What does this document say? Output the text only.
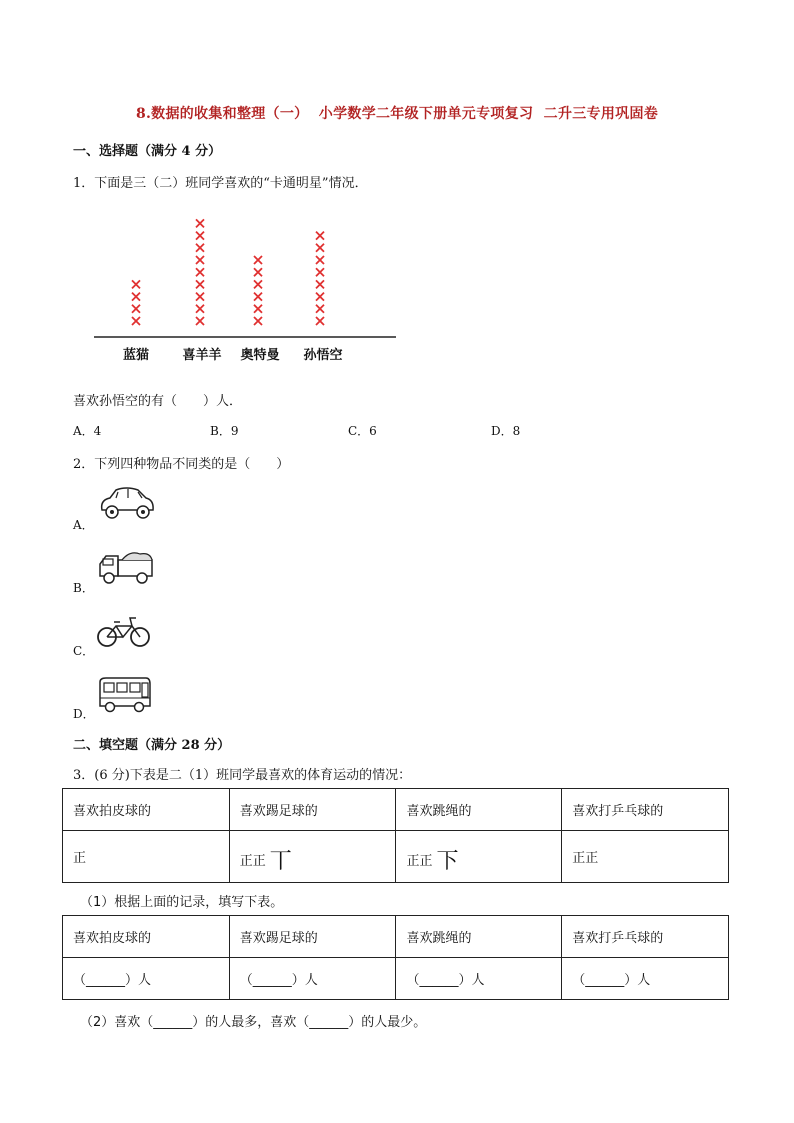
8.数据的收集和整理（一）  小学数学二年级下册单元专项复习  二升三专用巩固卷
一、选择题（满分 4 分）
1．下面是三（二）班同学喜欢的“卡通明星”情况．
蓝猫	喜羊羊 奥特曼 孙悟空
喜欢孙悟空的有（　　）人．
A．4	B．9	C．6	D．8
2．下列四种物品不同类的是（　　）
A．
B．
C．
D．
二、填空题（满分 28 分）
3．(6 分)下表是二（1）班同学最喜欢的体育运动的情况：
喜欢拍皮球的	喜欢踢足球的	喜欢跳绳的	喜欢打乒乓球的
正	正正 丅	正正 下	正正
（1）根据上面的记录，填写下表。
喜欢拍皮球的	喜欢踢足球的	喜欢跳绳的	喜欢打乒乓球的
（______）人	（______）人	（______）人	（______）人
（2）喜欢（______）的人最多，喜欢（______）的人最少。
